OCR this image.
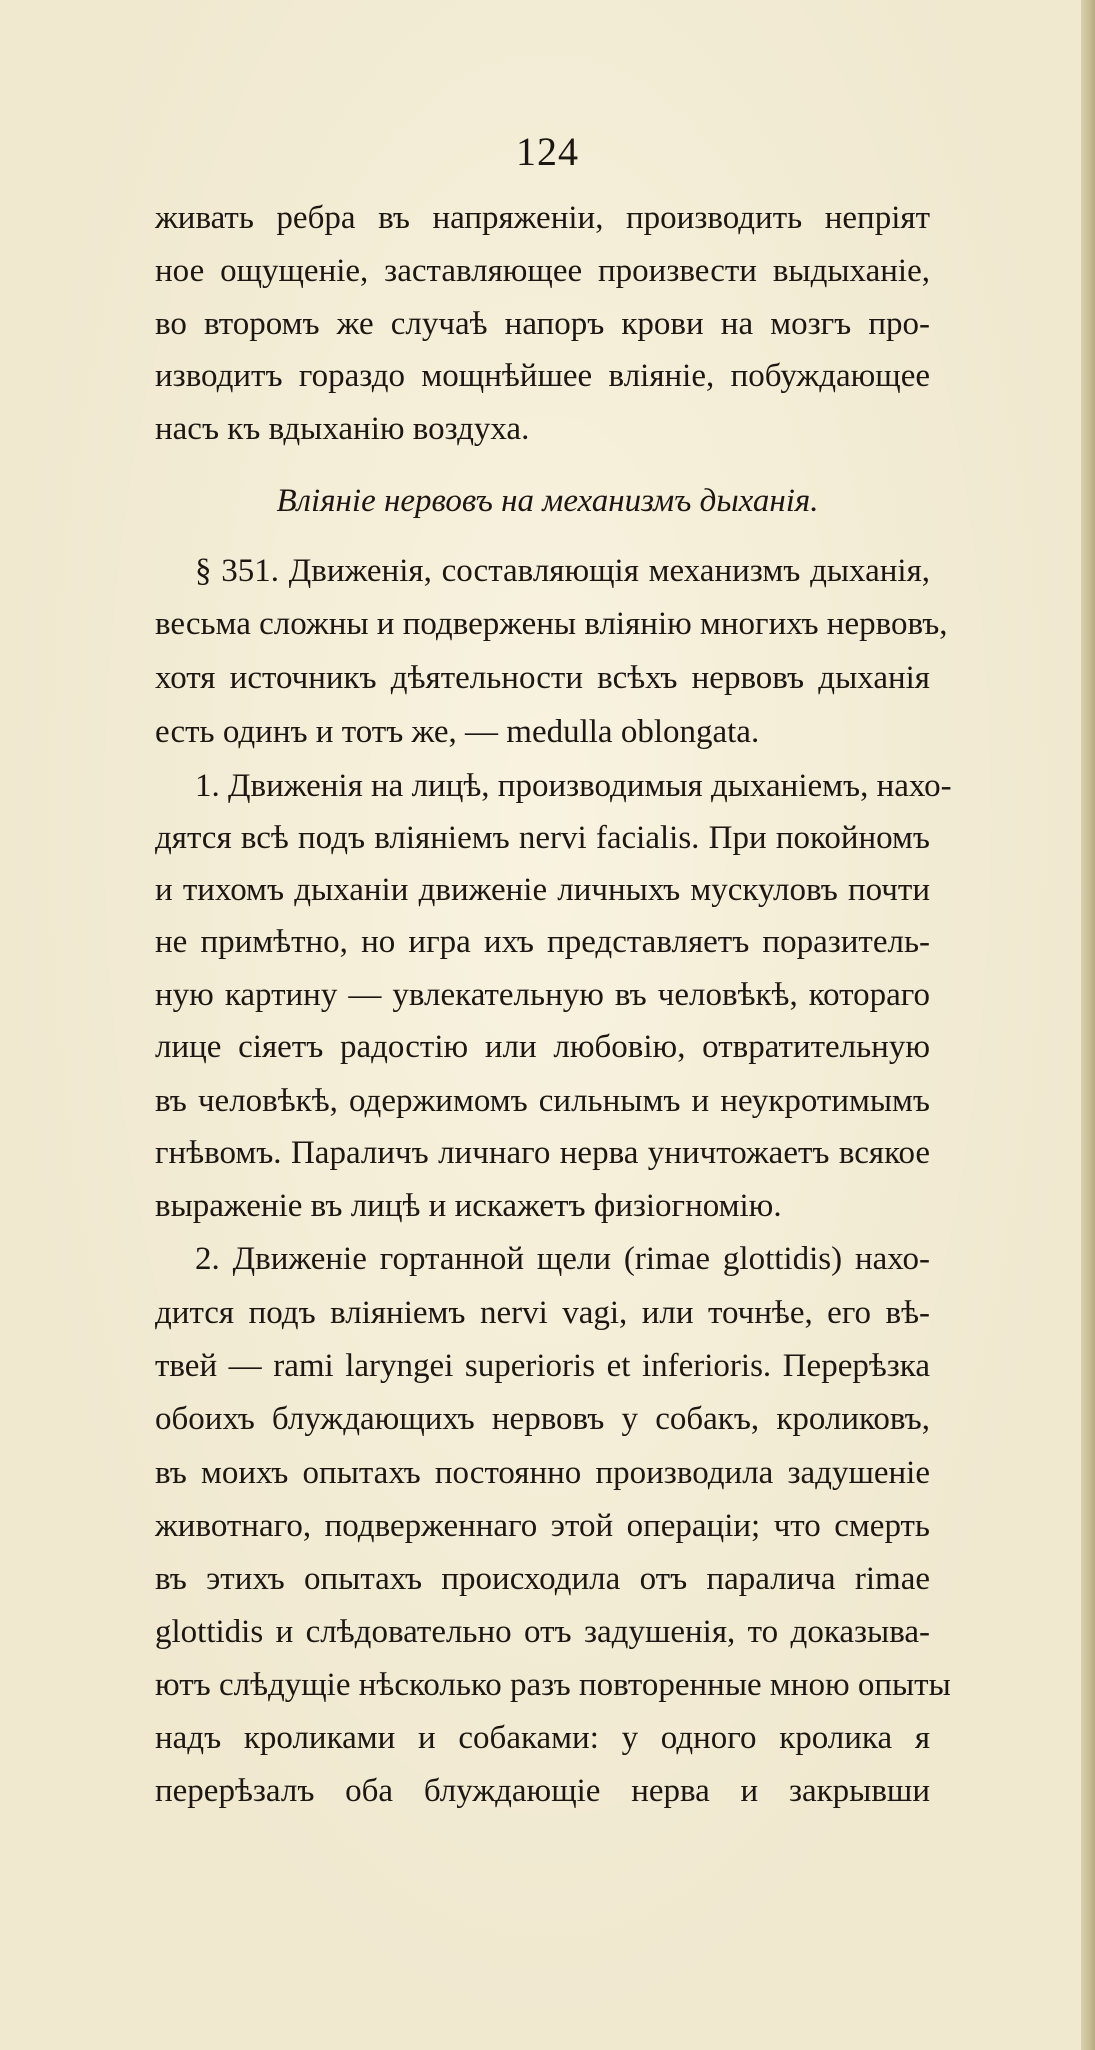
124
живать ребра въ напряженіи, производить непріят
ное ощущеніе, заставляющее произвести выдыханіе,
во второмъ же случаѣ напоръ крови на мозгъ про-
изводитъ гораздо мощнѣйшее вліяніе, побуждающее
насъ къ вдыханію воздуха.
Вліяніе нервовъ на механизмъ дыханія.
§ 351. Движенія, составляющія механизмъ дыханія,
весьма сложны и подвержены вліянію многихъ нервовъ,
хотя источникъ дѣятельности всѣхъ нервовъ дыханія
есть одинъ и тотъ же, — medulla oblongata.
1. Движенія на лицѣ, производимыя дыханіемъ, нахо-
дятся всѣ подъ вліяніемъ nervi facialis. При покойномъ
и тихомъ дыханіи движеніе личныхъ мускуловъ почти
не примѣтно, но игра ихъ представляетъ поразитель-
ную картину — увлекательную въ человѣкѣ, котораго
лице сіяетъ радостію или любовію, отвратительную
въ человѣкѣ, одержимомъ сильнымъ и неукротимымъ
гнѣвомъ. Параличъ личнаго нерва уничтожаетъ всякое
выраженіе въ лицѣ и искажетъ физіогномію.
2. Движеніе гортанной щели (rimae glottidis) нахо-
дится подъ вліяніемъ nervi vagi, или точнѣе, его вѣ-
твей — rami laryngei superioris et inferioris. Перерѣзка
обоихъ блуждающихъ нервовъ у собакъ, кроликовъ,
въ моихъ опытахъ постоянно производила задушеніе
животнаго, подверженнаго этой операціи; что смерть
въ этихъ опытахъ происходила отъ паралича rimae
glottidis и слѣдовательно отъ задушенія, то доказыва-
ютъ слѣдущіе нѣсколько разъ повторенные мною опыты
надъ кроликами и собаками: у одного кролика я
перерѣзалъ оба блуждающіе нерва и закрывши
